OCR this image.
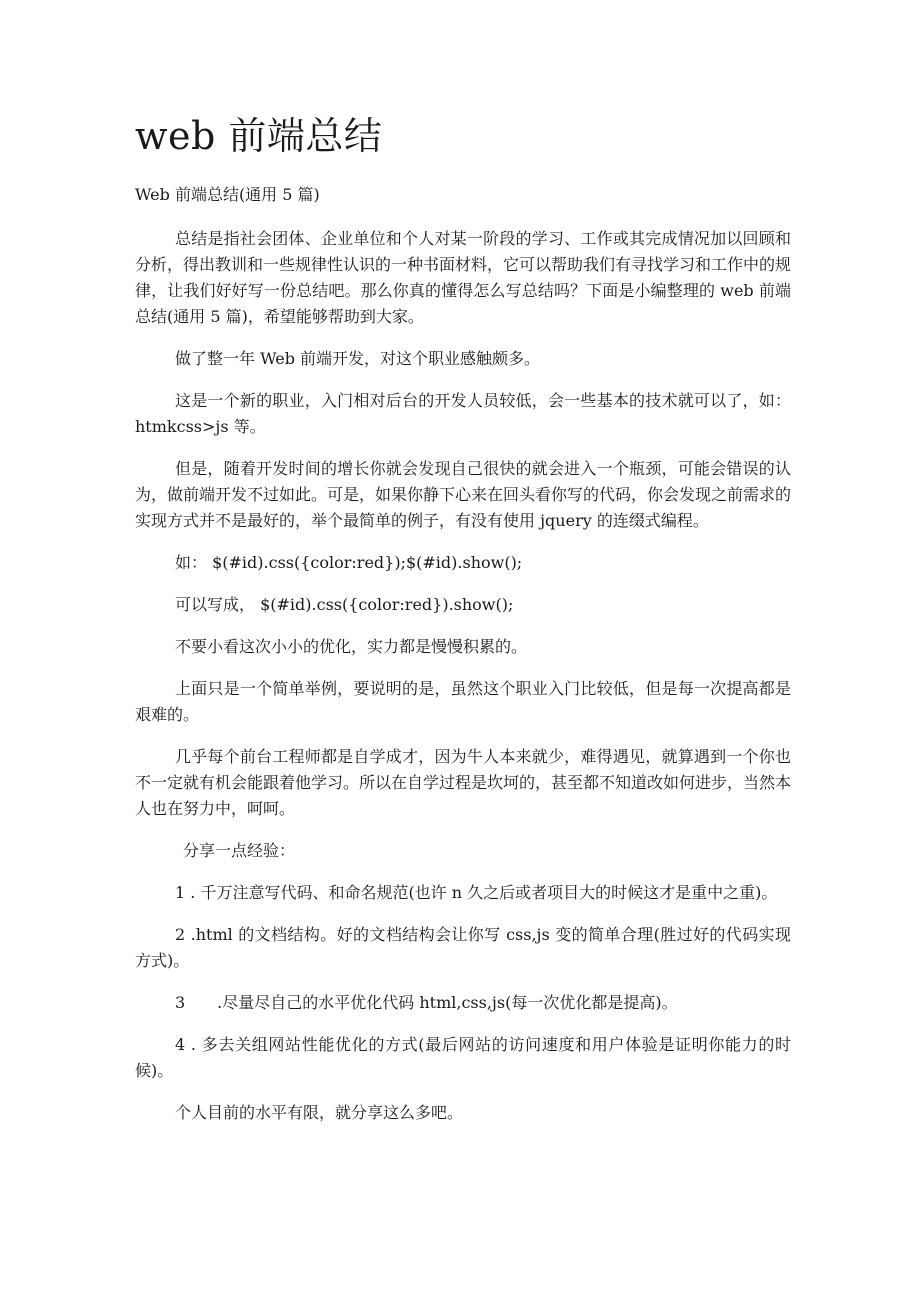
web 前端总结

Web 前端总结(通用 5 篇)

总结是指社会团体、企业单位和个人对某一阶段的学习、工作或其完成情况加以回顾和分析，得出教训和一些规律性认识的一种书面材料，它可以帮助我们有寻找学习和工作中的规律，让我们好好写一份总结吧。那么你真的懂得怎么写总结吗？下面是小编整理的 web 前端总结(通用 5 篇)，希望能够帮助到大家。

做了整一年 Web 前端开发，对这个职业感触颇多。

这是一个新的职业，入门相对后台的开发人员较低，会一些基本的技术就可以了，如：htmkcss>js 等。

但是，随着开发时间的增长你就会发现自己很快的就会进入一个瓶颈，可能会错误的认为，做前端开发不过如此。可是，如果你静下心来在回头看你写的代码，你会发现之前需求的实现方式并不是最好的，举个最简单的例子，有没有使用 jquery 的连缀式编程。

如： $(#id).css({color:red});$(#id).show();

可以写成， $(#id).css({color:red}).show();

不要小看这次小小的优化，实力都是慢慢积累的。

上面只是一个简单举例，要说明的是，虽然这个职业入门比较低，但是每一次提高都是艰难的。

几乎每个前台工程师都是自学成才，因为牛人本来就少，难得遇见，就算遇到一个你也不一定就有机会能跟着他学习。所以在自学过程是坎坷的，甚至都不知道改如何进步，当然本人也在努力中，呵呵。

分享一点经验：

1 . 千万注意写代码、和命名规范(也许 n 久之后或者项目大的时候这才是重中之重)。

2 .html 的文档结构。好的文档结构会让你写 css,js 变的简单合理(胜过好的代码实现方式)。

3　　.尽量尽自己的水平优化代码 html,css,js(每一次优化都是提高)。

4 . 多去关组网站性能优化的方式(最后网站的访问速度和用户体验是证明你能力的时候)。

个人目前的水平有限，就分享这么多吧。
